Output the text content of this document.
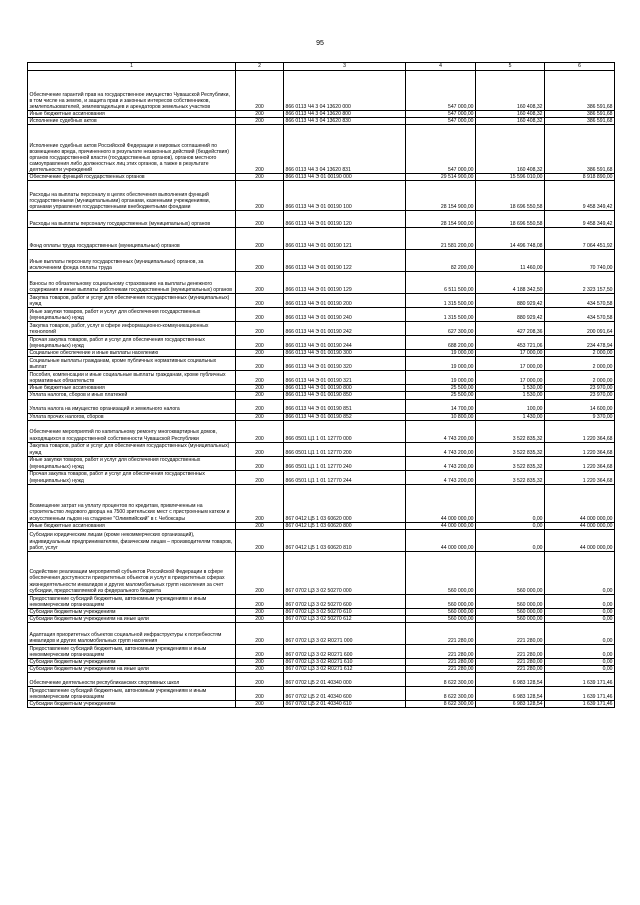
95
1	2	3	4	5	6
Обеспечение гарантий прав на государственное имущество Чувашской Республики, в том числе на землю, и защита прав и законных интересов собственников, землепользователей, землевладельцев и арендаторов земельных участков	200	866 0113 Ч4 3 04 13620 000	547 000,00	160 408,32	386 591,68
Иные бюджетные ассигнования	200	866 0113 Ч4 3 04 13620 800	547 000,00	160 408,32	386 591,68
Исполнение судебных актов	200	866 0113 Ч4 3 04 13620 830	547 000,00	160 408,32	386 591,68
Исполнение судебных актов Российской Федерации и мировых соглашений по возмещению вреда, причиненного в результате незаконных действий (бездействия) органов государственной власти (государственных органов), органов местного самоуправления либо должностных лиц этих органов, а также в результате деятельности учреждений	200	866 0113 Ч4 3 04 13620 831	547 000,00	160 408,32	386 591,68
Обеспечение функций государственных органов	200	866 0113 Ч4 Э 01 00190 000	29 514 900,00	15 596 010,00	8 918 890,00
Расходы на выплаты персоналу в целях обеспечения выполнения функций государственными (муниципальными) органами, казенными учреждениями, органами управления государственными внебюджетными фондами	200	866 0113 Ч4 Э 01 00190 100	28 154 900,00	18 696 550,58	9 458 349,42
Расходы на выплаты персоналу государственных (муниципальных) органов	200	866 0113 Ч4 Э 01 00190 120	28 154 900,00	18 696 550,58	9 458 349,42
Фонд оплаты труда государственных (муниципальных) органов	200	866 0113 Ч4 Э 01 00190 121	21 581 200,00	14 496 748,08	7 064 451,92
Иные выплаты персоналу государственных (муниципальных) органов, за исключением фонда оплаты труда	200	866 0113 Ч4 Э 01 00190 122	82 200,00	11 460,00	70 740,00
Взносы по обязательному социальному страхованию на выплаты денежного содержания и иные выплаты работникам государственных (муниципальных) органов	200	866 0113 Ч4 Э 01 00190 129	6 511 500,00	4 188 342,50	2 323 157,50
Закупка товаров, работ и услуг для обеспечения государственных (муниципальных) нужд	200	866 0113 Ч4 Э 01 00190 200	1 315 500,00	880 929,42	434 570,58
Иные закупки товаров, работ и услуг для обеспечения государственных (муниципальных) нужд	200	866 0113 Ч4 Э 01 00190 240	1 315 500,00	880 929,42	434 570,58
Закупка товаров, работ, услуг в сфере информационно-коммуникационных технологий	200	866 0113 Ч4 Э 01 00190 242	627 300,00	427 208,36	200 091,64
Прочая закупка товаров, работ и услуг для обеспечения государственных (муниципальных) нужд	200	866 0113 Ч4 Э 01 00190 244	688 200,00	453 721,06	234 478,94
Социальное обеспечение и иные выплаты населению	200	866 0113 Ч4 Э 01 00190 300	19 000,00	17 000,00	2 000,00
Социальные выплаты гражданам, кроме публичных нормативных социальных выплат	200	866 0113 Ч4 Э 01 00190 320	19 000,00	17 000,00	2 000,00
Пособия, компенсации и иные социальные выплаты гражданам, кроме публичных нормативных обязательств	200	866 0113 Ч4 Э 01 00190 321	19 000,00	17 000,00	2 000,00
Иные бюджетные ассигнования	200	866 0113 Ч4 Э 01 00190 800	25 500,00	1 530,00	23 970,00
Уплата налогов, сборов и иных платежей	200	866 0113 Ч4 Э 01 00190 850	25 500,00	1 530,00	23 970,00
Уплата налога на имущество организаций и земельного налога	200	866 0113 Ч4 Э 01 00190 851	14 700,00	100,00	14 600,00
Уплата прочих налогов, сборов	200	866 0113 Ч4 Э 01 00190 852	10 800,00	1 430,00	9 370,00
Обеспечение мероприятий по капитальному ремонту многоквартирных домов, находящихся в государственной собственности Чувашской Республики	200	866 0501 Ц1 1 01 12770 000	4 743 200,00	3 522 835,32	1 220 364,68
Закупка товаров, работ и услуг для обеспечения государственных (муниципальных) нужд	200	866 0501 Ц1 1 01 12770 200	4 743 200,00	3 522 835,32	1 220 364,68
Иные закупки товаров, работ и услуг для обеспечения государственных (муниципальных) нужд	200	866 0501 Ц1 1 01 12770 240	4 743 200,00	3 522 835,32	1 220 364,68
Прочая закупка товаров, работ и услуг для обеспечения государственных (муниципальных) нужд	200	866 0501 Ц1 1 01 12770 244	4 743 200,00	3 522 835,32	1 220 364,68
Возмещение затрат на уплату процентов по кредитам, привлеченным на строительство ледового дворца на 7500 зрительских мест с пристроенным катком и искусственным льдом на стадионе "Олимпийский" в г. Чебоксары	200	867 0412 Ц5 1 03 60620 000	44 000 000,00	0,00	44 000 000,00
Иные бюджетные ассигнования	200	867 0412 Ц5 1 03 60620 800	44 000 000,00	0,00	44 000 000,00
Субсидии юридическим лицам (кроме некоммерческих организаций), индивидуальным предпринимателям, физическим лицам – производителям товаров, работ, услуг	200	867 0412 Ц5 1 03 60620 810	44 000 000,00	0,00	44 000 000,00
Содействие реализации мероприятий субъектов Российской Федерации в сфере обеспечения доступности приоритетных объектов и услуг в приоритетных сферах жизнедеятельности инвалидов и других маломобильных групп населения за счет субсидии, предоставляемой из федерального бюджета	200	867 0702 Ц3 3 02 50270 000	560 000,00	560 000,00	0,00
Предоставление субсидий бюджетным, автономным учреждениям и иным некоммерческим организациям	200	867 0702 Ц3 3 02 50270 600	560 000,00	560 000,00	0,00
Субсидии бюджетным учреждениям	200	867 0702 Ц3 3 02 50270 610	560 000,00	560 000,00	0,00
Субсидии бюджетным учреждениям на иные цели	200	867 0702 Ц3 3 02 50270 612	560 000,00	560 000,00	0,00
Адаптация приоритетных объектов социальной инфраструктуры к потребностям инвалидов и других маломобильных групп населения	200	867 0702 Ц3 3 02 R0271 000	221 280,00	221 280,00	0,00
Предоставление субсидий бюджетным, автономным учреждениям и иным некоммерческим организациям	200	867 0702 Ц3 3 02 R0271 600	221 280,00	221 280,00	0,00
Субсидии бюджетным учреждениям	200	867 0702 Ц3 3 02 R0271 610	221 280,00	221 280,00	0,00
Субсидии бюджетным учреждениям на иные цели	200	867 0702 Ц3 3 02 R0271 612	221 280,00	221 280,00	0,00
Обеспечение деятельности республиканских спортивных школ	200	867 0702 Ц5 2 01 40340 000	8 622 300,00	6 983 128,54	1 639 171,46
Предоставление субсидий бюджетным, автономным учреждениям и иным некоммерческим организациям	200	867 0702 Ц5 2 01 40340 600	8 622 300,00	6 983 128,54	1 639 171,46
Субсидии бюджетным учреждениям	200	867 0702 Ц5 2 01 40340 610	8 622 300,00	6 983 128,54	1 639 171,46
